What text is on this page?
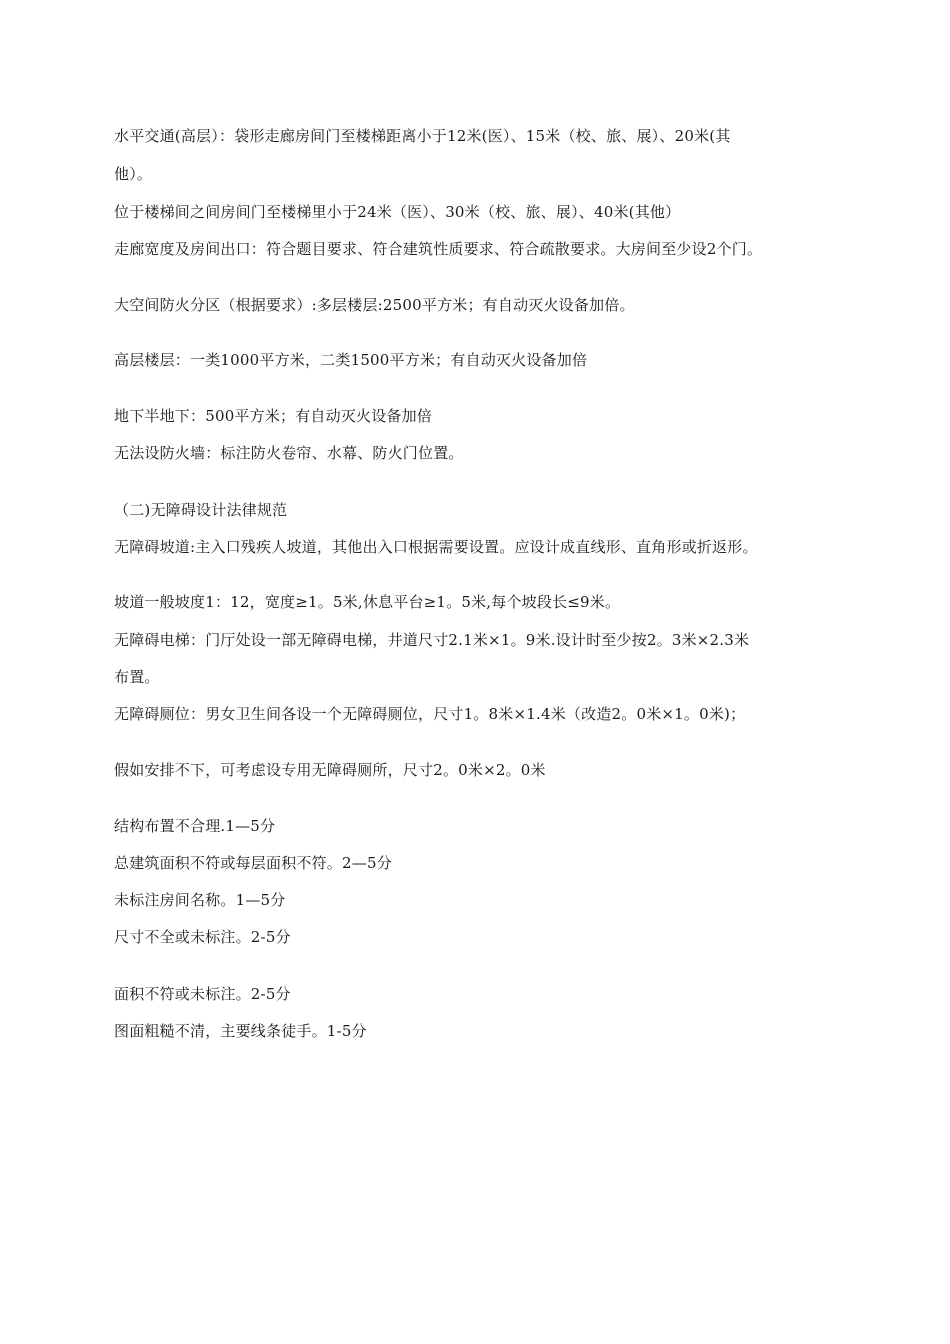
水平交通(高层）：袋形走廊房间门至楼梯距离小于12米(医）、15米（校、旅、展）、20米(其

他）。

位于楼梯间之间房间门至楼梯里小于24米（医）、30米（校、旅、展）、40米(其他）

走廊宽度及房间出口：符合题目要求、符合建筑性质要求、符合疏散要求。大房间至少设2个门。

大空间防火分区（根据要求）:多层楼层:2500平方米；有自动灭火设备加倍。

高层楼层：一类1000平方米，二类1500平方米；有自动灭火设备加倍

地下半地下：500平方米；有自动灭火设备加倍

无法设防火墙：标注防火卷帘、水幕、防火门位置。

（二)无障碍设计法律规范

无障碍坡道:主入口残疾人坡道，其他出入口根据需要设置。应设计成直线形、直角形或折返形。

坡道一般坡度1：12，宽度≥1。5米,休息平台≥1。5米,每个坡段长≤9米。

无障碍电梯：门厅处设一部无障碍电梯，井道尺寸2.1米×1。9米.设计时至少按2。3米×2.3米

布置。

无障碍厕位：男女卫生间各设一个无障碍厕位，尺寸1。8米×1.4米（改造2。0米×1。0米)；

假如安排不下，可考虑设专用无障碍厕所，尺寸2。0米×2。0米

结构布置不合理.1—5分

总建筑面积不符或每层面积不符。2—5分

未标注房间名称。1—5分

尺寸不全或未标注。2-5分

面积不符或未标注。2-5分

图面粗糙不清，主要线条徒手。1-5分
